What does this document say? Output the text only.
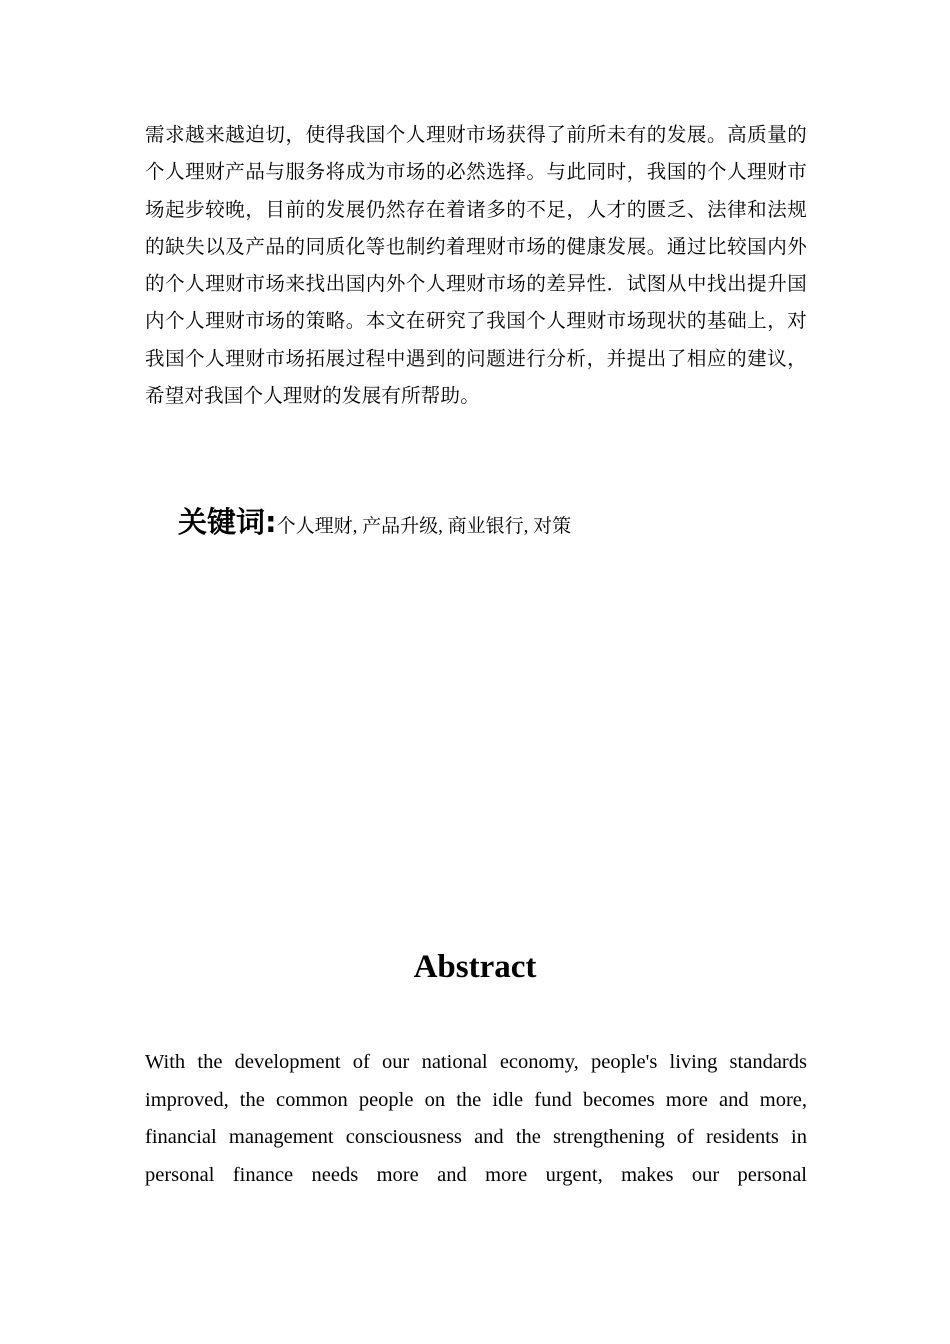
需求越来越迫切，使得我国个人理财市场获得了前所未有的发展。高质量的个人理财产品与服务将成为市场的必然选择。与此同时，我国的个人理财市场起步较晚，目前的发展仍然存在着诸多的不足，人才的匮乏、法律和法规的缺失以及产品的同质化等也制约着理财市场的健康发展。通过比较国内外的个人理财市场来找出国内外个人理财市场的差异性．试图从中找出提升国内个人理财市场的策略。本文在研究了我国个人理财市场现状的基础上，对我国个人理财市场拓展过程中遇到的问题进行分析，并提出了相应的建议，希望对我国个人理财的发展有所帮助。

关键词:个人理财, 产品升级, 商业银行, 对策

Abstract

With the development of our national economy, people's living standards improved, the common people on the idle fund becomes more and more, financial management consciousness and the strengthening of residents in personal finance needs more and more urgent, makes our personal
